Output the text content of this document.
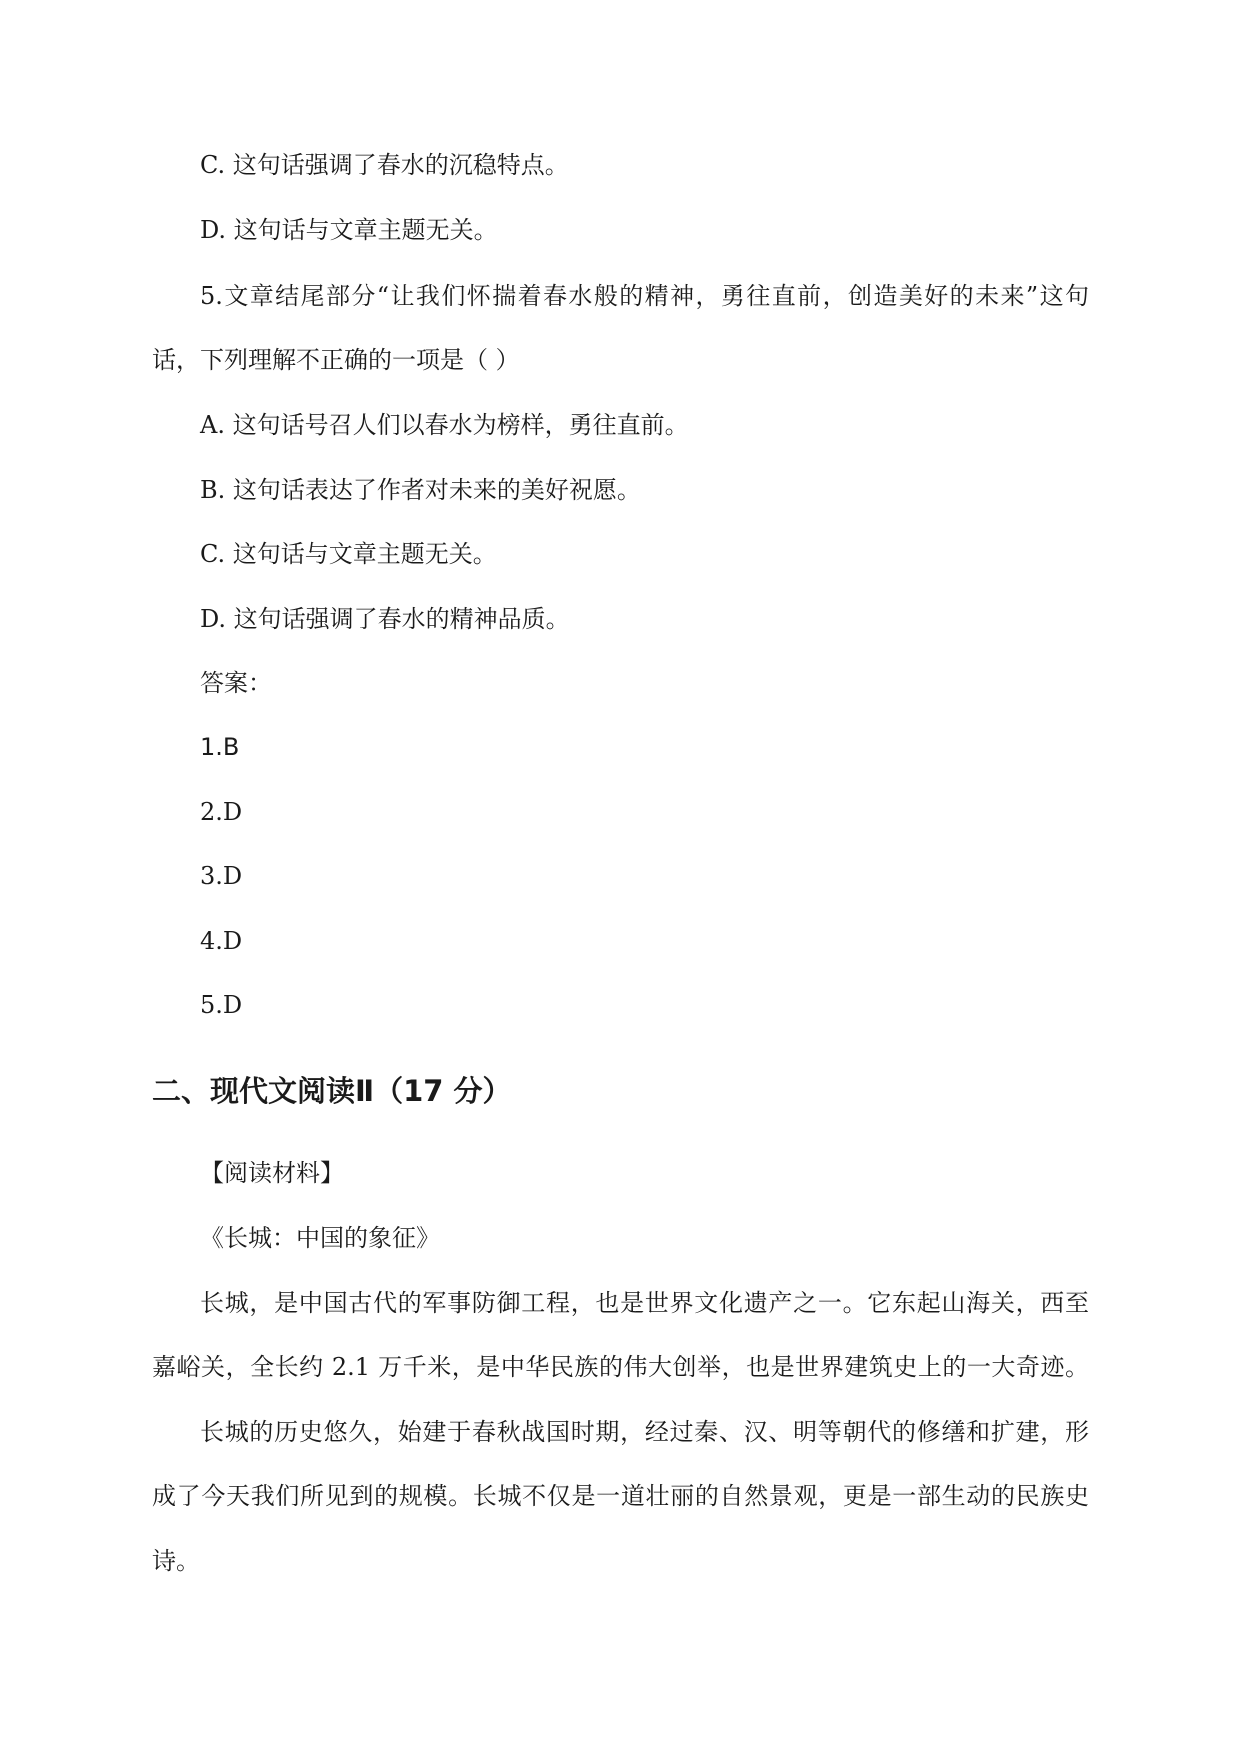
C. 这句话强调了春水的沉稳特点。
D. 这句话与文章主题无关。
5.文章结尾部分“让我们怀揣着春水般的精神，勇往直前，创造美好的未来”这句
话，下列理解不正确的一项是（ ）
A. 这句话号召人们以春水为榜样，勇往直前。
B. 这句话表达了作者对未来的美好祝愿。
C. 这句话与文章主题无关。
D. 这句话强调了春水的精神品质。
答案：
1.B
2.D
3.D
4.D
5.D
二、现代文阅读Ⅱ（17 分）
【阅读材料】
《长城：中国的象征》
长城，是中国古代的军事防御工程，也是世界文化遗产之一。它东起山海关，西至
嘉峪关，全长约 2.1 万千米，是中华民族的伟大创举，也是世界建筑史上的一大奇迹。
长城的历史悠久，始建于春秋战国时期，经过秦、汉、明等朝代的修缮和扩建，形
成了今天我们所见到的规模。长城不仅是一道壮丽的自然景观，更是一部生动的民族史
诗。
